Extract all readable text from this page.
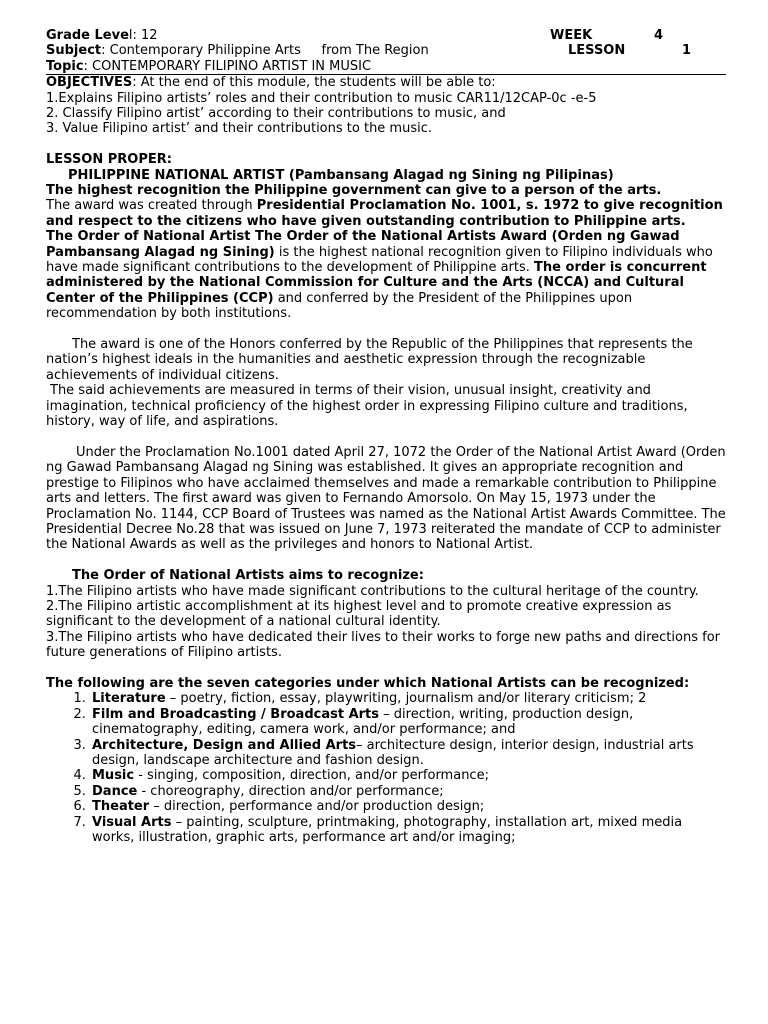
Grade Level: 12	WEEK	4
Subject: Contemporary Philippine Arts     from The Region	LESSON	1
Topic: CONTEMPORARY FILIPINO ARTIST IN MUSIC

OBJECTIVES: At the end of this module, the students will be able to:

1.Explains Filipino artists’ roles and their contribution to music CAR11/12CAP-0c -e-5

2. Classify Filipino artist’ according to their contributions to music, and

3. Value Filipino artist’ and their contributions to the music.

LESSON PROPER:

PHILIPPINE NATIONAL ARTIST (Pambansang Alagad ng Sining ng Pilipinas)

The highest recognition the Philippine government can give to a person of the arts.

The award was created through Presidential Proclamation No. 1001, s. 1972 to give recognition and respect to the citizens who have given outstanding contribution to Philippine arts.

The Order of National Artist The Order of the National Artists Award (Orden ng Gawad Pambansang Alagad ng Sining) is the highest national recognition given to Filipino individuals who have made significant contributions to the development of Philippine arts. The order is concurrent administered by the National Commission for Culture and the Arts (NCCA) and Cultural Center of the Philippines (CCP) and conferred by the President of the Philippines upon recommendation by both institutions.

The award is one of the Honors conferred by the Republic of the Philippines that represents the nation’s highest ideals in the humanities and aesthetic expression through the recognizable achievements of individual citizens.

The said achievements are measured in terms of their vision, unusual insight, creativity and imagination, technical proficiency of the highest order in expressing Filipino culture and traditions, history, way of life, and aspirations.

Under the Proclamation No.1001 dated April 27, 1072 the Order of the National Artist Award (Orden ng Gawad Pambansang Alagad ng Sining was established. It gives an appropriate recognition and prestige to Filipinos who have acclaimed themselves and made a remarkable contribution to Philippine arts and letters. The first award was given to Fernando Amorsolo. On May 15, 1973 under the Proclamation No. 1144, CCP Board of Trustees was named as the National Artist Awards Committee. The Presidential Decree No.28 that was issued on June 7, 1973 reiterated the mandate of CCP to administer the National Awards as well as the privileges and honors to National Artist.

The Order of National Artists aims to recognize:

1.The Filipino artists who have made significant contributions to the cultural heritage of the country.

2.The Filipino artistic accomplishment at its highest level and to promote creative expression as significant to the development of a national cultural identity.

3.The Filipino artists who have dedicated their lives to their works to forge new paths and directions for future generations of Filipino artists.

The following are the seven categories under which National Artists can be recognized:

1. Literature – poetry, fiction, essay, playwriting, journalism and/or literary criticism; 2
2. Film and Broadcasting / Broadcast Arts – direction, writing, production design, cinematography, editing, camera work, and/or performance; and
3. Architecture, Design and Allied Arts– architecture design, interior design, industrial arts design, landscape architecture and fashion design.
4. Music - singing, composition, direction, and/or performance;
5. Dance - choreography, direction and/or performance;
6. Theater – direction, performance and/or production design;
7. Visual Arts – painting, sculpture, printmaking, photography, installation art, mixed media works, illustration, graphic arts, performance art and/or imaging;
